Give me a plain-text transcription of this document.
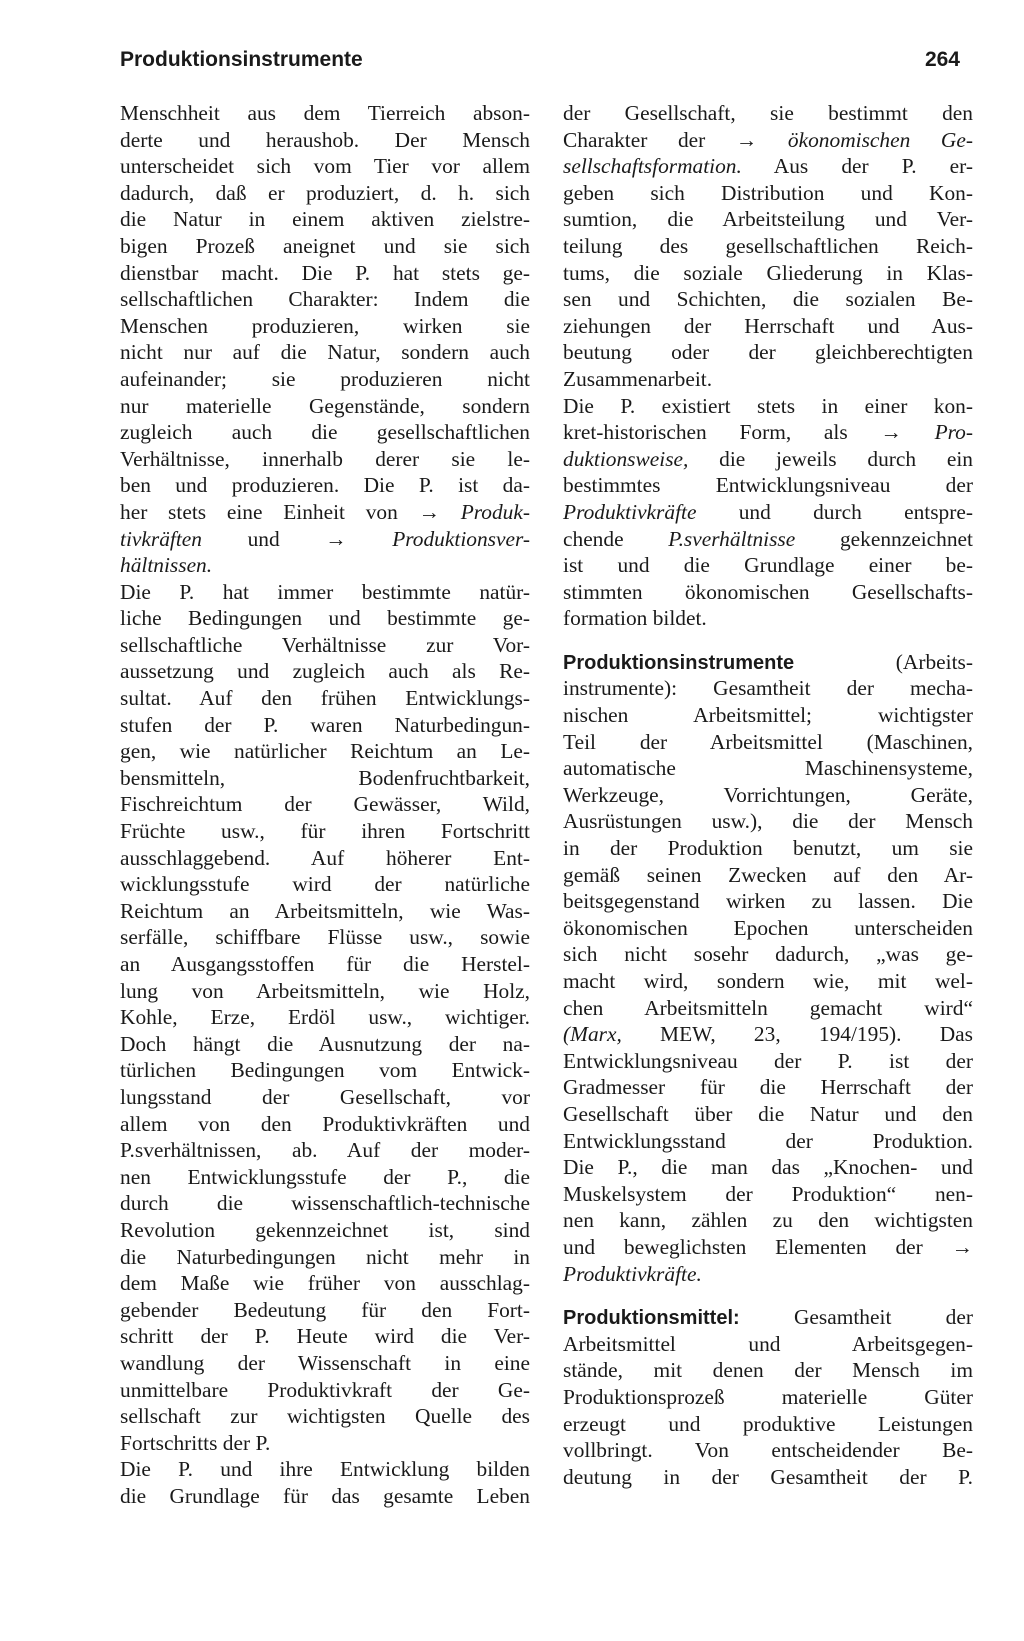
Produktionsinstrumente	264
Menschheit aus dem Tierreich abson-
derte und heraushob. Der Mensch
unterscheidet sich vom Tier vor allem
dadurch, daß er produziert, d. h. sich
die Natur in einem aktiven zielstre-
bigen Prozeß aneignet und sie sich
dienstbar macht. Die P. hat stets ge-
sellschaftlichen Charakter: Indem die
Menschen produzieren, wirken sie
nicht nur auf die Natur, sondern auch
aufeinander; sie produzieren nicht
nur materielle Gegenstände, sondern
zugleich auch die gesellschaftlichen
Verhältnisse, innerhalb derer sie le-
ben und produzieren. Die P. ist da-
her stets eine Einheit von → Produk-
tivkräften und → Produktionsver-
hältnissen.
Die P. hat immer bestimmte natür-
liche Bedingungen und bestimmte ge-
sellschaftliche Verhältnisse zur Vor-
aussetzung und zugleich auch als Re-
sultat. Auf den frühen Entwicklungs-
stufen der P. waren Naturbedingun-
gen, wie natürlicher Reichtum an Le-
bensmitteln, Bodenfruchtbarkeit,
Fischreichtum der Gewässer, Wild,
Früchte usw., für ihren Fortschritt
ausschlaggebend. Auf höherer Ent-
wicklungsstufe wird der natürliche
Reichtum an Arbeitsmitteln, wie Was-
serfälle, schiffbare Flüsse usw., sowie
an Ausgangsstoffen für die Herstel-
lung von Arbeitsmitteln, wie Holz,
Kohle, Erze, Erdöl usw., wichtiger.
Doch hängt die Ausnutzung der na-
türlichen Bedingungen vom Entwick-
lungsstand der Gesellschaft, vor
allem von den Produktivkräften und
P.sverhältnissen, ab. Auf der moder-
nen Entwicklungsstufe der P., die
durch die wissenschaftlich-technische
Revolution gekennzeichnet ist, sind
die Naturbedingungen nicht mehr in
dem Maße wie früher von ausschlag-
gebender Bedeutung für den Fort-
schritt der P. Heute wird die Ver-
wandlung der Wissenschaft in eine
unmittelbare Produktivkraft der Ge-
sellschaft zur wichtigsten Quelle des
Fortschritts der P.
Die P. und ihre Entwicklung bilden
die Grundlage für das gesamte Leben
der Gesellschaft, sie bestimmt den
Charakter der → ökonomischen Ge-
sellschaftsformation. Aus der P. er-
geben sich Distribution und Kon-
sumtion, die Arbeitsteilung und Ver-
teilung des gesellschaftlichen Reich-
tums, die soziale Gliederung in Klas-
sen und Schichten, die sozialen Be-
ziehungen der Herrschaft und Aus-
beutung oder der gleichberechtigten
Zusammenarbeit.
Die P. existiert stets in einer kon-
kret-historischen Form, als → Pro-
duktionsweise, die jeweils durch ein
bestimmtes Entwicklungsniveau der
Produktivkräfte und durch entspre-
chende P.sverhältnisse gekennzeichnet
ist und die Grundlage einer be-
stimmten ökonomischen Gesellschafts-
formation bildet.
Produktionsinstrumente	(Arbeits-
instrumente): Gesamtheit der mecha-
nischen Arbeitsmittel; wichtigster
Teil der Arbeitsmittel (Maschinen,
automatische Maschinensysteme,
Werkzeuge, Vorrichtungen, Geräte,
Ausrüstungen usw.), die der Mensch
in der Produktion benutzt, um sie
gemäß seinen Zwecken auf den Ar-
beitsgegenstand wirken zu lassen. Die
ökonomischen Epochen unterscheiden
sich nicht sosehr dadurch, „was ge-
macht wird, sondern wie, mit wel-
chen Arbeitsmitteln gemacht wird“
(Marx, MEW, 23, 194/195). Das
Entwicklungsniveau der P. ist der
Gradmesser für die Herrschaft der
Gesellschaft über die Natur und den
Entwicklungsstand der Produktion.
Die P., die man das „Knochen- und
Muskelsystem der Produktion“ nen-
nen kann, zählen zu den wichtigsten
und beweglichsten Elementen der →
Produktivkräfte.
Produktionsmittel:	Gesamtheit der
Arbeitsmittel und Arbeitsgegen-
stände, mit denen der Mensch im
Produktionsprozeß materielle Güter
erzeugt und produktive Leistungen
vollbringt. Von entscheidender Be-
deutung in der Gesamtheit der P.
